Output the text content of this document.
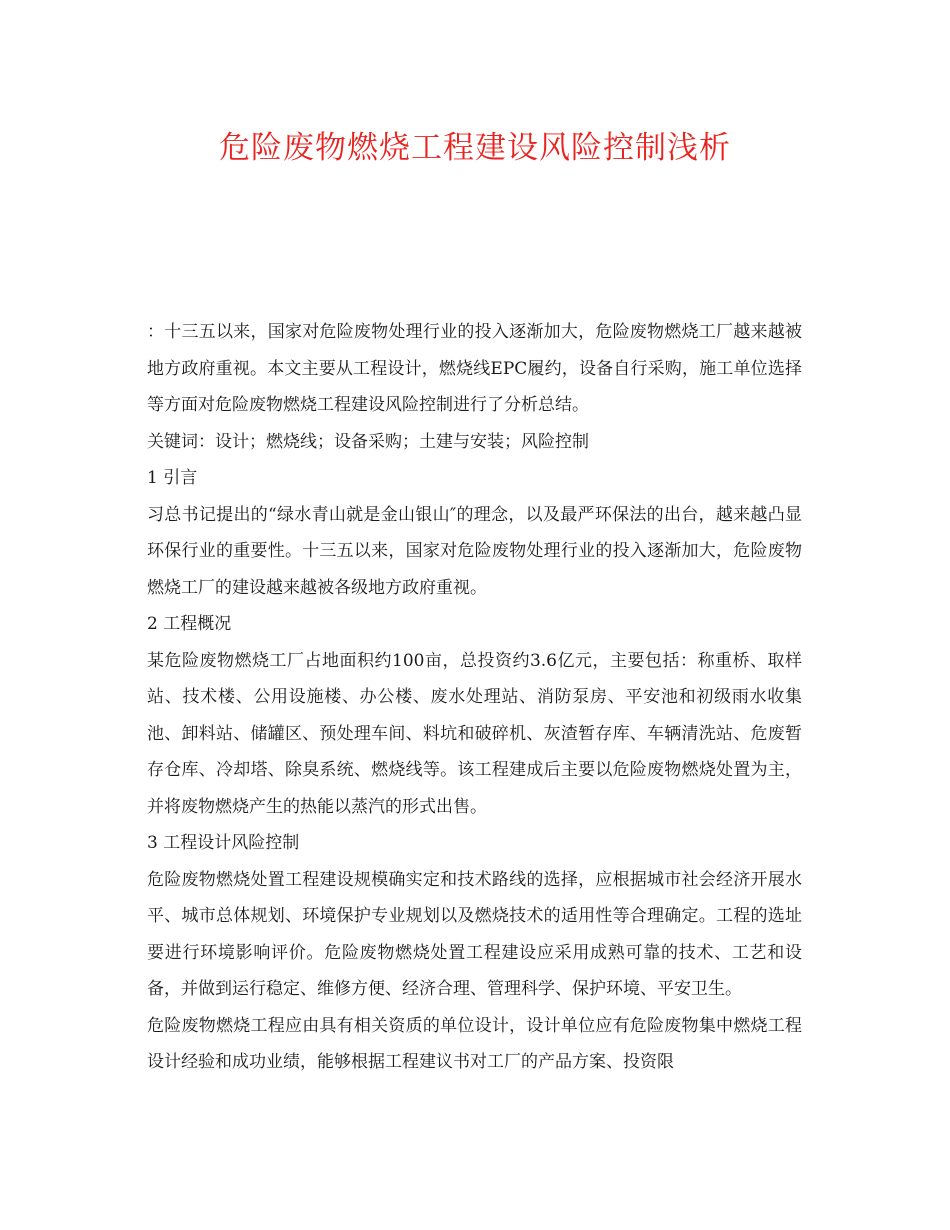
危险废物燃烧工程建设风险控制浅析

：十三五以来，国家对危险废物处理行业的投入逐渐加大，危险废物燃烧工厂越来越被地方政府重视。本文主要从工程设计，燃烧线EPC履约，设备自行采购，施工单位选择等方面对危险废物燃烧工程建设风险控制进行了分析总结。

关键词：设计；燃烧线；设备采购；土建与安装；风险控制

1 引言

习总书记提出的“绿水青山就是金山银山″的理念，以及最严环保法的出台，越来越凸显环保行业的重要性。十三五以来，国家对危险废物处理行业的投入逐渐加大，危险废物燃烧工厂的建设越来越被各级地方政府重视。

2 工程概况

某危险废物燃烧工厂占地面积约100亩，总投资约3.6亿元，主要包括：称重桥、取样站、技术楼、公用设施楼、办公楼、废水处理站、消防泵房、平安池和初级雨水收集池、卸料站、储罐区、预处理车间、料坑和破碎机、灰渣暂存库、车辆清洗站、危废暂存仓库、冷却塔、除臭系统、燃烧线等。该工程建成后主要以危险废物燃烧处置为主，并将废物燃烧产生的热能以蒸汽的形式出售。

3 工程设计风险控制

危险废物燃烧处置工程建设规模确实定和技术路线的选择，应根据城市社会经济开展水平、城市总体规划、环境保护专业规划以及燃烧技术的适用性等合理确定。工程的选址要进行环境影响评价。危险废物燃烧处置工程建设应采用成熟可靠的技术、工艺和设备，并做到运行稳定、维修方便、经济合理、管理科学、保护环境、平安卫生。

危险废物燃烧工程应由具有相关资质的单位设计，设计单位应有危险废物集中燃烧工程设计经验和成功业绩，能够根据工程建议书对工厂的产品方案、投资限
